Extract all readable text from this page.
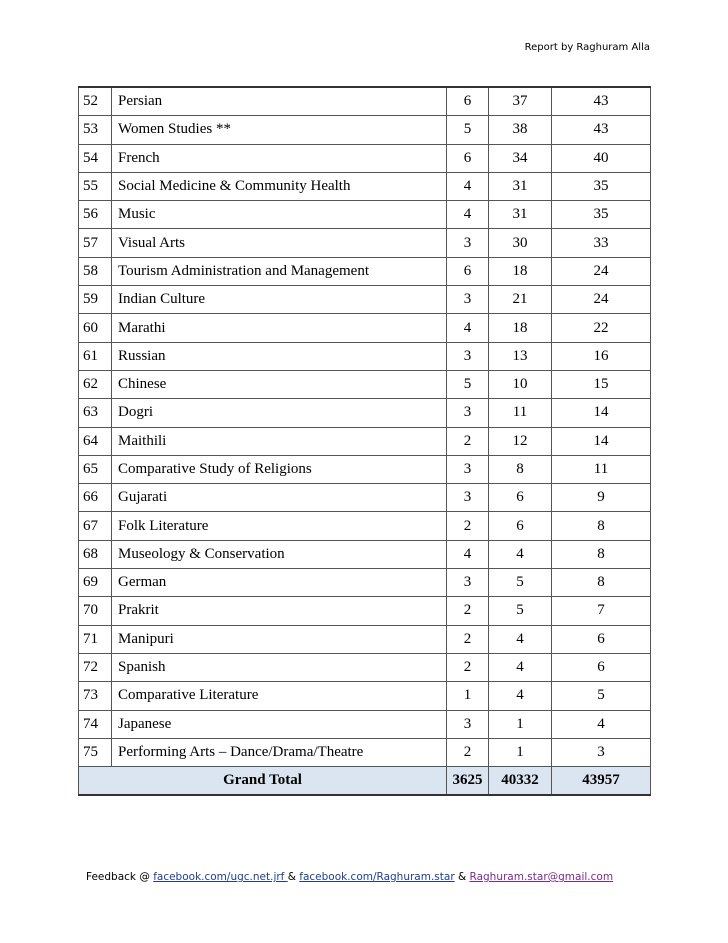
Report by Raghuram Alla
52	Persian	6	37	43
53	Women Studies **	5	38	43
54	French	6	34	40
55	Social Medicine & Community Health	4	31	35
56	Music	4	31	35
57	Visual Arts	3	30	33
58	Tourism Administration and Management	6	18	24
59	Indian Culture	3	21	24
60	Marathi	4	18	22
61	Russian	3	13	16
62	Chinese	5	10	15
63	Dogri	3	11	14
64	Maithili	2	12	14
65	Comparative Study of Religions	3	8	11
66	Gujarati	3	6	9
67	Folk Literature	2	6	8
68	Museology & Conservation	4	4	8
69	German	3	5	8
70	Prakrit	2	5	7
71	Manipuri	2	4	6
72	Spanish	2	4	6
73	Comparative Literature	1	4	5
74	Japanese	3	1	4
75	Performing Arts – Dance/Drama/Theatre	2	1	3
Grand Total		3625	40332	43957
Feedback @ facebook.com/ugc.net.jrf & facebook.com/Raghuram.star & Raghuram.star@gmail.com
